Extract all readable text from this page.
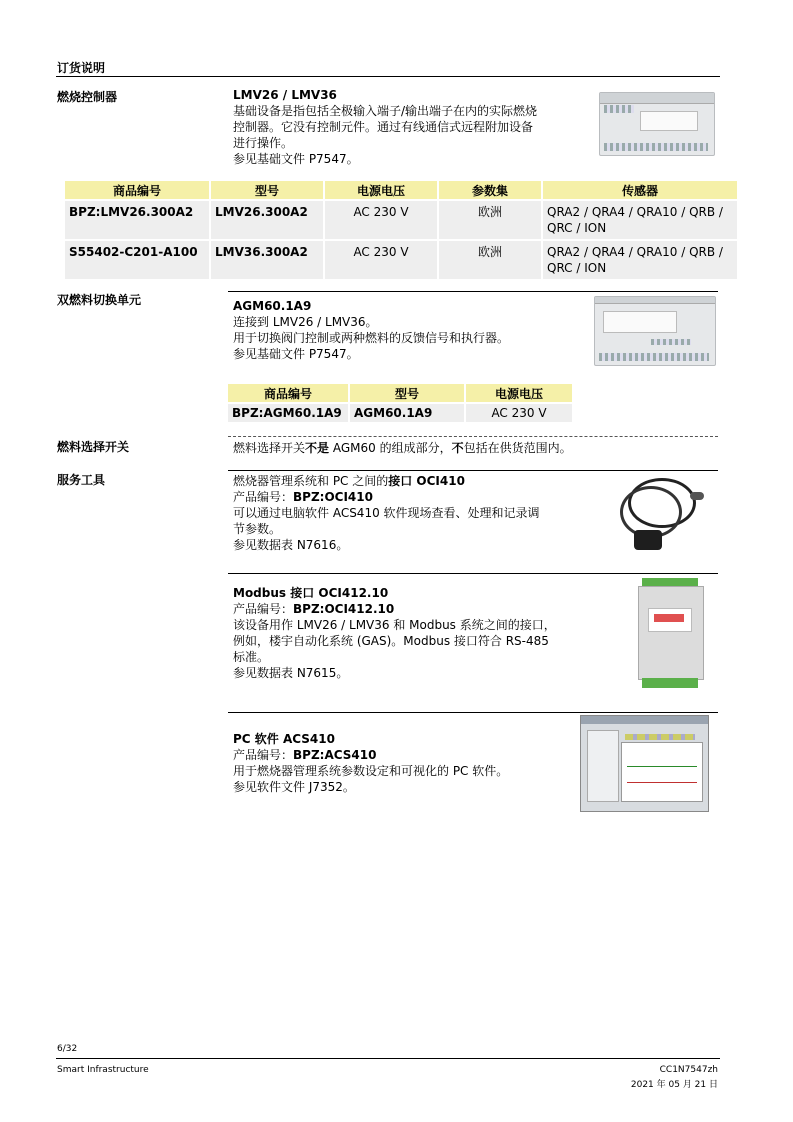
订货说明
燃烧控制器	LMV26 / LMV36
基础设备是指包括全极输入端子/输出端子在内的实际燃烧
控制器。它没有控制元件。通过有线通信式远程附加设备
进行操作。
参见基础文件 P7547。
商品编号	型号	电源电压	参数集	传感器
BPZ:LMV26.300A2	LMV26.300A2	AC 230 V	欧洲	QRA2 / QRA4 / QRA10 / QRB /
QRC / ION

S55402-C201-A100	LMV36.300A2	AC 230 V	欧洲	QRA2 / QRA4 / QRA10 / QRB /
QRC / ION
双燃料切换单元	AGM60.1A9
连接到 LMV26 / LMV36。
用于切换阀门控制或两种燃料的反馈信号和执行器。
参见基础文件 P7547。
商品编号	型号	电源电压
BPZ:AGM60.1A9	AGM60.1A9	AC 230 V
燃料选择开关	燃料选择开关不是 AGM60 的组成部分，不包括在供货范围内。
服务工具	燃烧器管理系统和 PC 之间的接口 OCI410
产品编号：BPZ:OCI410
可以通过电脑软件 ACS410 软件现场查看、处理和记录调
节参数。
参见数据表 N7616。
Modbus 接口 OCI412.10
产品编号：BPZ:OCI412.10
该设备用作 LMV26 / LMV36 和 Modbus 系统之间的接口，
例如，楼宇自动化系统 (GAS)。Modbus 接口符合 RS-485
标准。
参见数据表 N7615。
PC 软件 ACS410
产品编号：BPZ:ACS410
用于燃烧器管理系统参数设定和可视化的 PC 软件。
参见软件文件 J7352。
6/32
Smart Infrastructure	CC1N7547zh
2021 年 05 月 21 日
